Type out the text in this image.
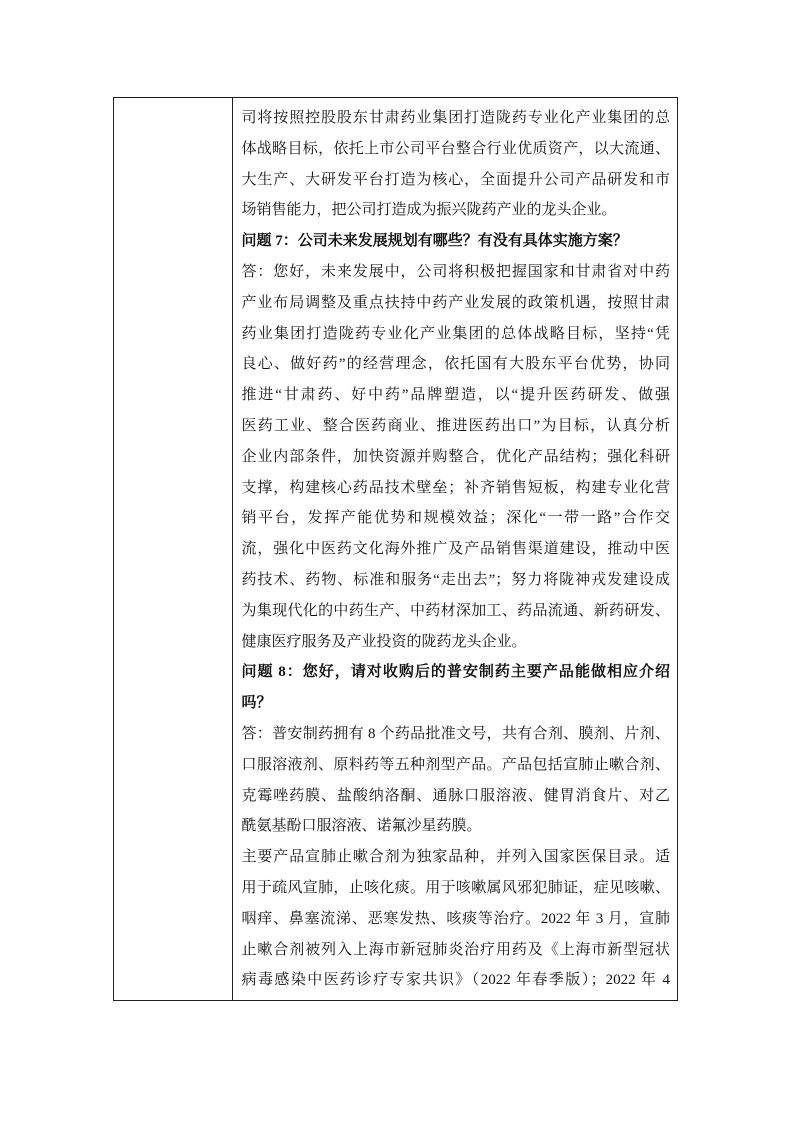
司将按照控股股东甘肃药业集团打造陇药专业化产业集团的总
体战略目标，依托上市公司平台整合行业优质资产，以大流通、
大生产、大研发平台打造为核心，全面提升公司产品研发和市
场销售能力，把公司打造成为振兴陇药产业的龙头企业。
问题 7：公司未来发展规划有哪些？有没有具体实施方案？
答：您好，未来发展中，公司将积极把握国家和甘肃省对中药
产业布局调整及重点扶持中药产业发展的政策机遇，按照甘肃
药业集团打造陇药专业化产业集团的总体战略目标，坚持“凭
良心、做好药”的经营理念，依托国有大股东平台优势，协同
推进“甘肃药、好中药”品牌塑造，以“提升医药研发、做强
医药工业、整合医药商业、推进医药出口”为目标，认真分析
企业内部条件，加快资源并购整合，优化产品结构；强化科研
支撑，构建核心药品技术壁垒；补齐销售短板，构建专业化营
销平台，发挥产能优势和规模效益；深化“一带一路”合作交
流，强化中医药文化海外推广及产品销售渠道建设，推动中医
药技术、药物、标准和服务“走出去”；努力将陇神戎发建设成
为集现代化的中药生产、中药材深加工、药品流通、新药研发、
健康医疗服务及产业投资的陇药龙头企业。
问题 8：您好，请对收购后的普安制药主要产品能做相应介绍
吗？
答：普安制药拥有 8 个药品批准文号，共有合剂、膜剂、片剂、
口服溶液剂、原料药等五种剂型产品。产品包括宣肺止嗽合剂、
克霉唑药膜、盐酸纳洛酮、通脉口服溶液、健胃消食片、对乙
酰氨基酚口服溶液、诺氟沙星药膜。
主要产品宣肺止嗽合剂为独家品种，并列入国家医保目录。适
用于疏风宣肺，止咳化痰。用于咳嗽属风邪犯肺证，症见咳嗽、
咽痒、鼻塞流涕、恶寒发热、咳痰等治疗。2022 年 3 月，宣肺
止嗽合剂被列入上海市新冠肺炎治疗用药及《上海市新型冠状
病毒感染中医药诊疗专家共识》（2022 年春季版）；2022 年 4
